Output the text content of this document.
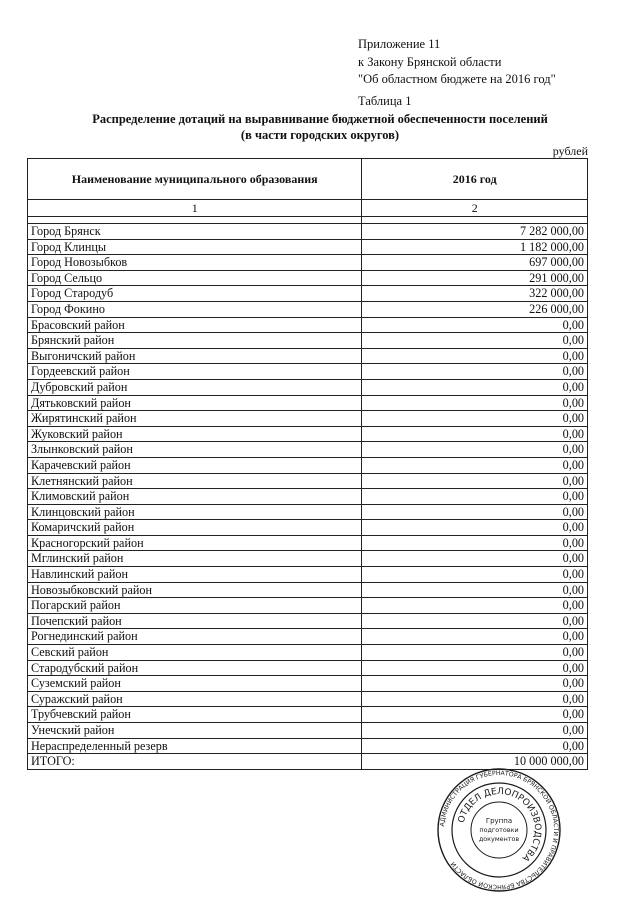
Приложение 11
к Закону Брянской области
"Об областном бюджете на 2016 год"
Таблица 1
Распределение дотаций на выравнивание бюджетной обеспеченности поселений
(в части городских округов)
рублей
Наименование муниципального образования	2016 год
1	2

Город Брянск	7 282 000,00
Город Клинцы	1 182 000,00
Город Новозыбков	697 000,00
Город Сельцо	291 000,00
Город Стародуб	322 000,00
Город Фокино	226 000,00
Брасовский район	0,00
Брянский район	0,00
Выгоничский район	0,00
Гордеевский район	0,00
Дубровский район	0,00
Дятьковский район	0,00
Жирятинский район	0,00
Жуковский район	0,00
Злынковский район	0,00
Карачевский район	0,00
Клетнянский район	0,00
Климовский район	0,00
Клинцовский район	0,00
Комаричский район	0,00
Красногорский район	0,00
Мглинский район	0,00
Навлинский район	0,00
Новозыбковский район	0,00
Погарский район	0,00
Почепский район	0,00
Рогнединский район	0,00
Севский район	0,00
Стародубский район	0,00
Суземский район	0,00
Суражский район	0,00
Трубчевский район	0,00
Унечский район	0,00
Нераспределенный резерв	0,00
ИТОГО:	10 000 000,00
АДМИНИСТРАЦИЯ ГУБЕРНАТОРА БРЯНСКОЙ ОБЛАСТИ И ПРАВИТЕЛЬСТВА БРЯНСКОЙ ОБЛАСТИ
ОТДЕЛ ДЕЛОПРОИЗВОДСТВА
Группа
подготовки
документов
